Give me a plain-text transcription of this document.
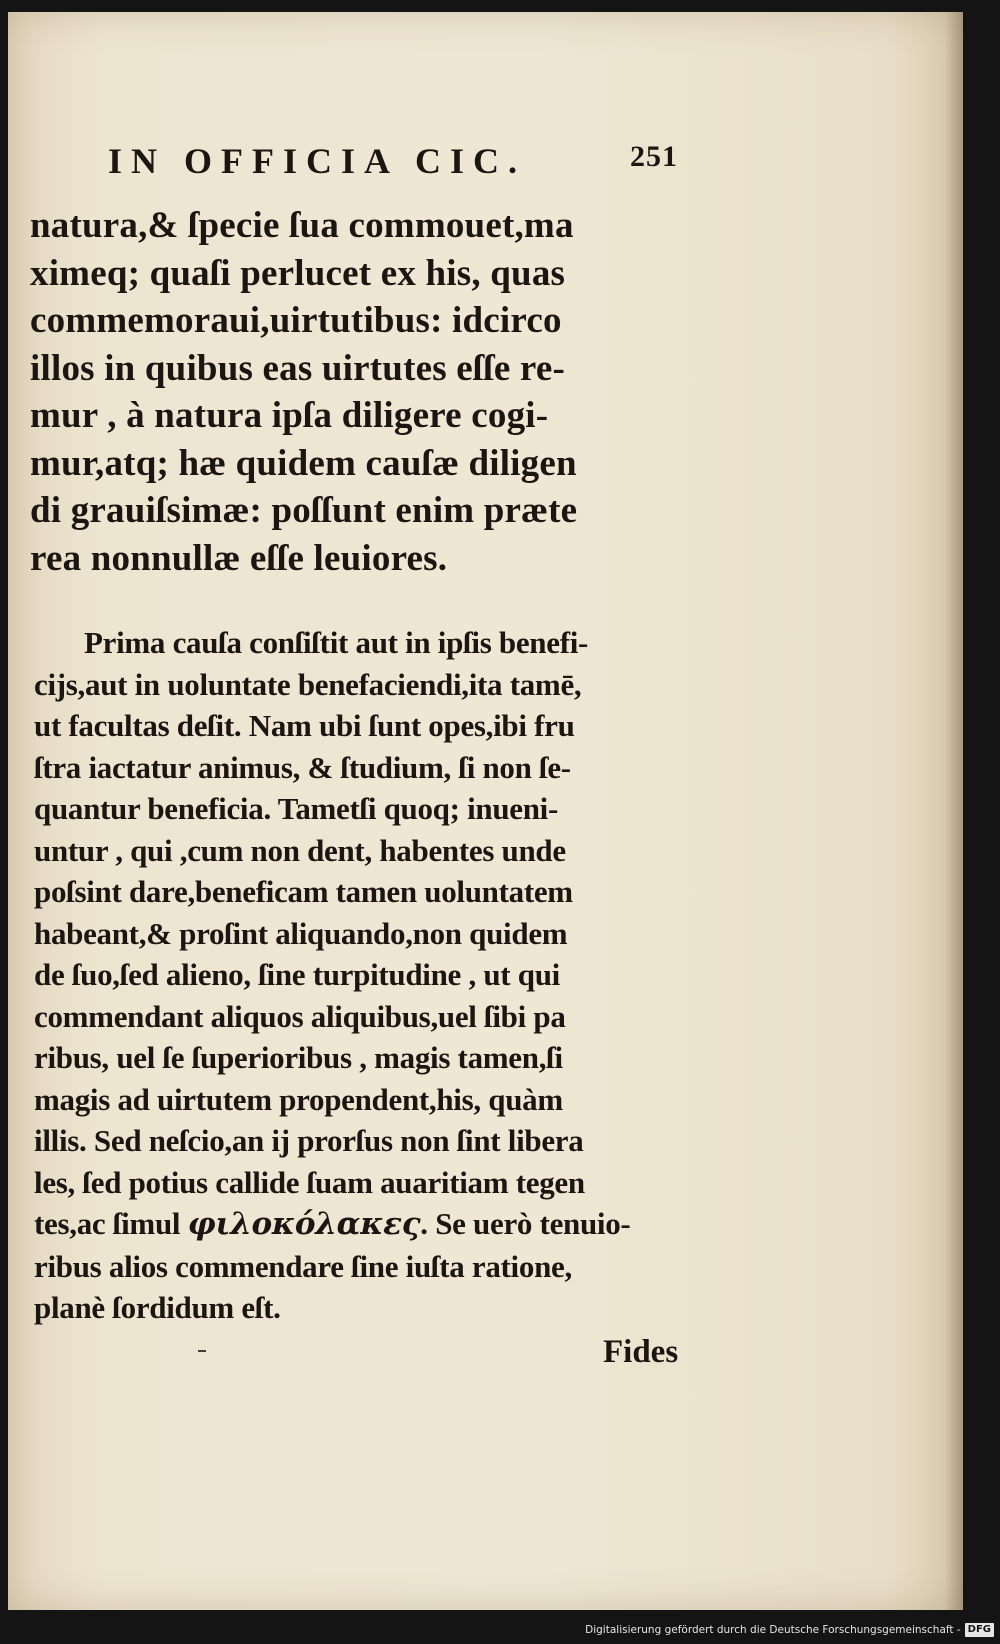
IN OFFICIA CIC.	251
natura,& ſpecie ſua commouet,ma
ximeq; quaſi perlucet ex his, quas
commemoraui,uirtutibus: idcirco
illos in quibus eas uirtutes eſſe re-
mur , à natura ipſa diligere cogi-
mur,atq; hæ quidem cauſæ diligen
di grauiſsimæ: poſſunt enim præte
rea nonnullæ eſſe leuiores.
Prima cauſa conſiſtit aut in ipſis benefi-
cijs,aut in uoluntate benefaciendi,ita tamē,
ut facultas deſit. Nam ubi ſunt opes,ibi fru
ſtra iactatur animus, & ſtudium, ſi non ſe-
quantur beneficia. Tametſi quoq; inueni-
untur , qui ,cum non dent, habentes unde
poſsint dare,beneficam tamen uoluntatem
habeant,& proſint aliquando,non quidem
de ſuo,ſed alieno, ſine turpitudine , ut qui
commendant aliquos aliquibus,uel ſibi pa
ribus, uel ſe ſuperioribus , magis tamen,ſi
magis ad uirtutem propendent,his, quàm
illis. Sed neſcio,an ij prorſus non ſint libera
les, ſed potius callide ſuam auaritiam tegen
tes,ac ſimul φιλοκόλακες. Se uerò tenuio-
ribus alios commendare ſine iuſta ratione,
planè ſordidum eſt.
Fides
Digitalisierung gefördert durch die Deutsche Forschungsgemeinschaft - DFG
